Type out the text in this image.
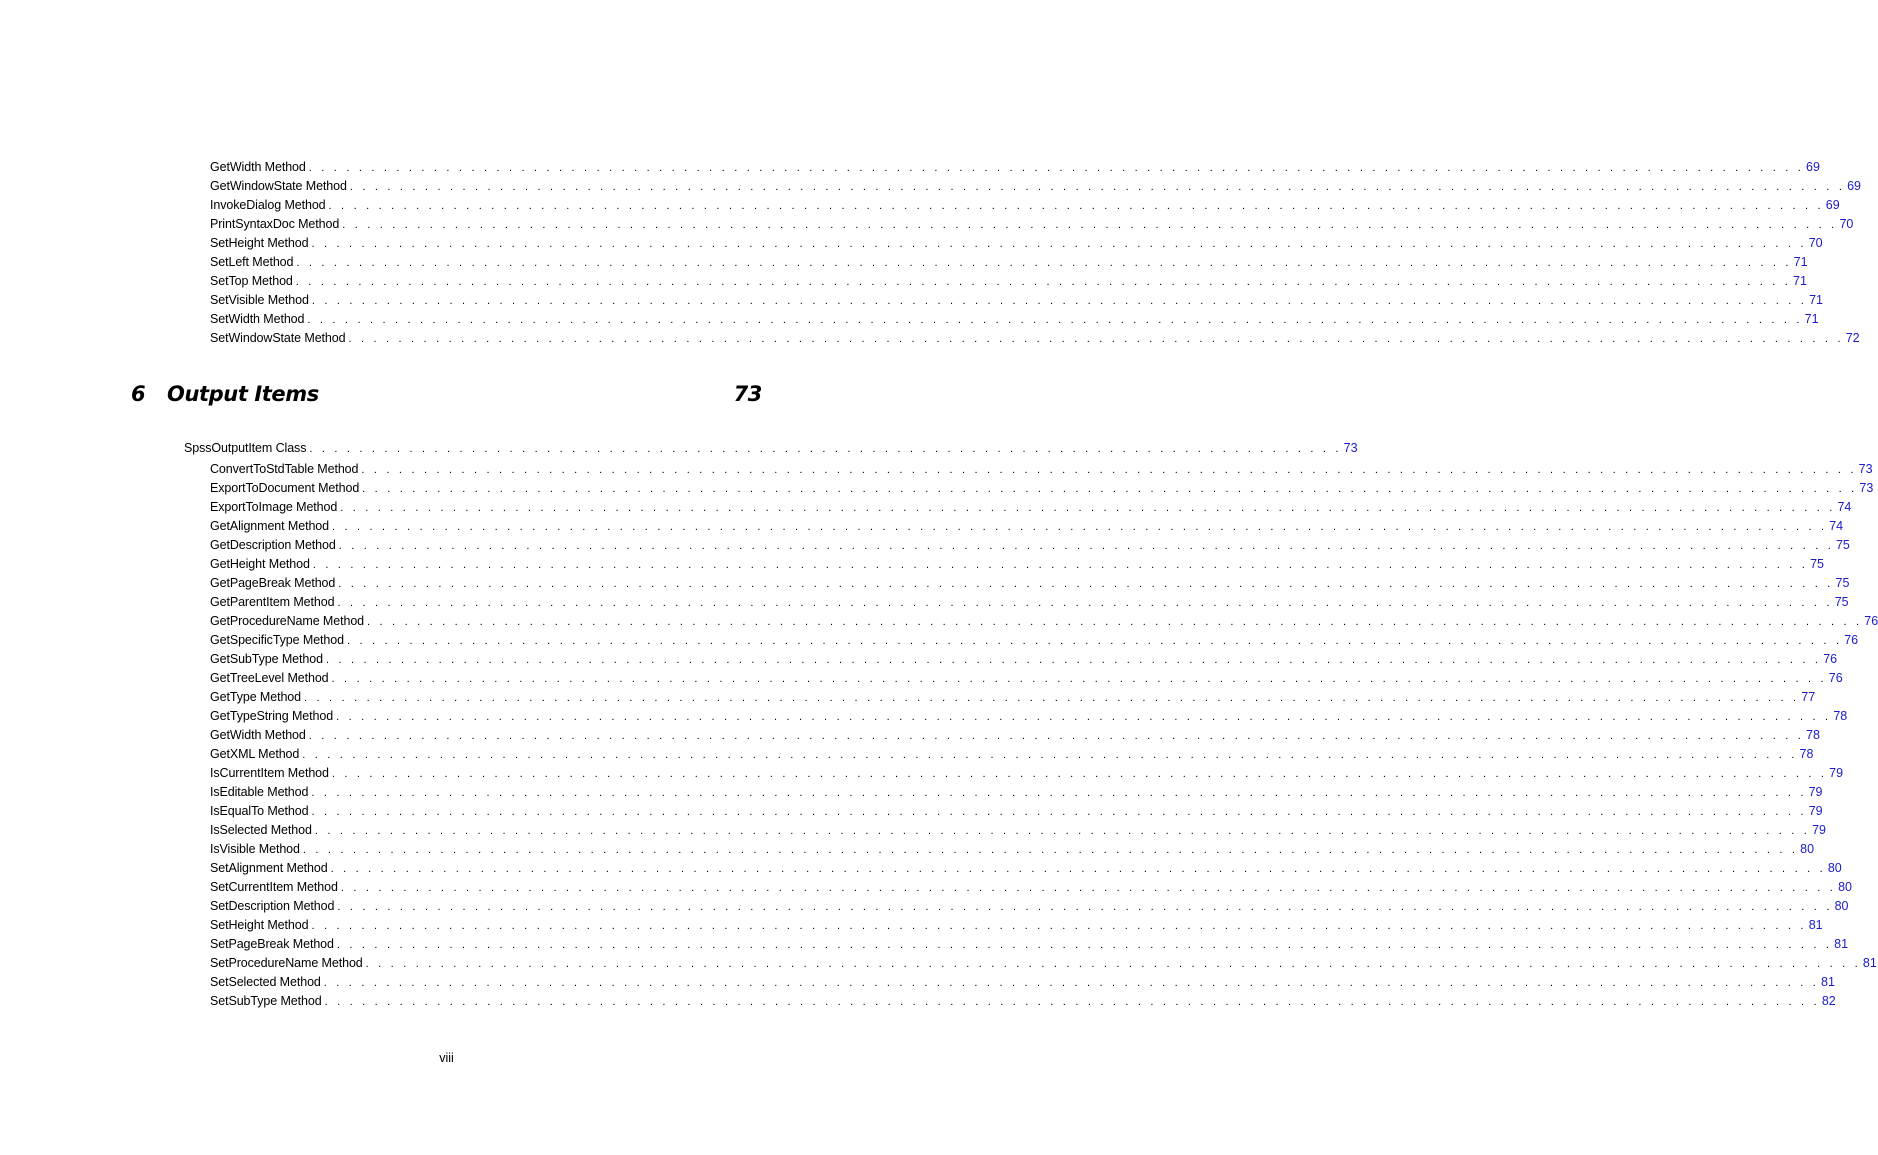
GetWidth Method . . . . . . . . . . . . . . . . . . . . . . . . . . . . . . . . . . . . . . . . . . . . . . . . . . . . . . . . . . . . . . . . . . . . . . . . . . . . . . . . . . . . . . . . . . . . . . . . . . . . . . . . . . . . . . . . . . . . . . . . 69
GetWindowState Method . . . . . . . . . . . . . . . . . . . . . . . . . . . . . . . . . . . . . . . . . . . . . . . . . . . . . . . . . . . . . . . . . . . . . . . . . . . . . . . . . . . . . . . . . . . . . . . . . . . . . . . . . . . . . . . . . . . . . . . . 69
InvokeDialog Method . . . . . . . . . . . . . . . . . . . . . . . . . . . . . . . . . . . . . . . . . . . . . . . . . . . . . . . . . . . . . . . . . . . . . . . . . . . . . . . . . . . . . . . . . . . . . . . . . . . . . . . . . . . . . . . . . . . . . . . . 69
PrintSyntaxDoc Method . . . . . . . . . . . . . . . . . . . . . . . . . . . . . . . . . . . . . . . . . . . . . . . . . . . . . . . . . . . . . . . . . . . . . . . . . . . . . . . . . . . . . . . . . . . . . . . . . . . . . . . . . . . . . . . . . . . . . . . . 70
SetHeight Method . . . . . . . . . . . . . . . . . . . . . . . . . . . . . . . . . . . . . . . . . . . . . . . . . . . . . . . . . . . . . . . . . . . . . . . . . . . . . . . . . . . . . . . . . . . . . . . . . . . . . . . . . . . . . . . . . . . . . . . . 70
SetLeft Method . . . . . . . . . . . . . . . . . . . . . . . . . . . . . . . . . . . . . . . . . . . . . . . . . . . . . . . . . . . . . . . . . . . . . . . . . . . . . . . . . . . . . . . . . . . . . . . . . . . . . . . . . . . . . . . . . . . . . . . . 71
SetTop Method . . . . . . . . . . . . . . . . . . . . . . . . . . . . . . . . . . . . . . . . . . . . . . . . . . . . . . . . . . . . . . . . . . . . . . . . . . . . . . . . . . . . . . . . . . . . . . . . . . . . . . . . . . . . . . . . . . . . . . . . 71
SetVisible Method . . . . . . . . . . . . . . . . . . . . . . . . . . . . . . . . . . . . . . . . . . . . . . . . . . . . . . . . . . . . . . . . . . . . . . . . . . . . . . . . . . . . . . . . . . . . . . . . . . . . . . . . . . . . . . . . . . . . . . . . 71
SetWidth Method . . . . . . . . . . . . . . . . . . . . . . . . . . . . . . . . . . . . . . . . . . . . . . . . . . . . . . . . . . . . . . . . . . . . . . . . . . . . . . . . . . . . . . . . . . . . . . . . . . . . . . . . . . . . . . . . . . . . . . . . 71
SetWindowState Method . . . . . . . . . . . . . . . . . . . . . . . . . . . . . . . . . . . . . . . . . . . . . . . . . . . . . . . . . . . . . . . . . . . . . . . . . . . . . . . . . . . . . . . . . . . . . . . . . . . . . . . . . . . . . . . . . . . . . . . . 72
6	Output Items	73
SpssOutputItem Class . . . . . . . . . . . . . . . . . . . . . . . . . . . . . . . . . . . . . . . . . . . . . . . . . . . . . . . . . . . . . . . . . . . . . . . . . . . . . . . . . . . 73
ConvertToStdTable Method . . . . . . . . . . . . . . . . . . . . . . . . . . . . . . . . . . . . . . . . . . . . . . . . . . . . . . . . . . . . . . . . . . . . . . . . . . . . . . . . . . . . . . . . . . . . . . . . . . . . . . . . . . . . . . . . . . . . . . . . 73
ExportToDocument Method . . . . . . . . . . . . . . . . . . . . . . . . . . . . . . . . . . . . . . . . . . . . . . . . . . . . . . . . . . . . . . . . . . . . . . . . . . . . . . . . . . . . . . . . . . . . . . . . . . . . . . . . . . . . . . . . . . . . . . . . 73
ExportToImage Method . . . . . . . . . . . . . . . . . . . . . . . . . . . . . . . . . . . . . . . . . . . . . . . . . . . . . . . . . . . . . . . . . . . . . . . . . . . . . . . . . . . . . . . . . . . . . . . . . . . . . . . . . . . . . . . . . . . . . . . . 74
GetAlignment Method . . . . . . . . . . . . . . . . . . . . . . . . . . . . . . . . . . . . . . . . . . . . . . . . . . . . . . . . . . . . . . . . . . . . . . . . . . . . . . . . . . . . . . . . . . . . . . . . . . . . . . . . . . . . . . . . . . . . . . . . 74
GetDescription Method . . . . . . . . . . . . . . . . . . . . . . . . . . . . . . . . . . . . . . . . . . . . . . . . . . . . . . . . . . . . . . . . . . . . . . . . . . . . . . . . . . . . . . . . . . . . . . . . . . . . . . . . . . . . . . . . . . . . . . . . 75
GetHeight Method . . . . . . . . . . . . . . . . . . . . . . . . . . . . . . . . . . . . . . . . . . . . . . . . . . . . . . . . . . . . . . . . . . . . . . . . . . . . . . . . . . . . . . . . . . . . . . . . . . . . . . . . . . . . . . . . . . . . . . . . 75
GetPageBreak Method . . . . . . . . . . . . . . . . . . . . . . . . . . . . . . . . . . . . . . . . . . . . . . . . . . . . . . . . . . . . . . . . . . . . . . . . . . . . . . . . . . . . . . . . . . . . . . . . . . . . . . . . . . . . . . . . . . . . . . . . 75
GetParentItem Method . . . . . . . . . . . . . . . . . . . . . . . . . . . . . . . . . . . . . . . . . . . . . . . . . . . . . . . . . . . . . . . . . . . . . . . . . . . . . . . . . . . . . . . . . . . . . . . . . . . . . . . . . . . . . . . . . . . . . . . . 75
GetProcedureName Method . . . . . . . . . . . . . . . . . . . . . . . . . . . . . . . . . . . . . . . . . . . . . . . . . . . . . . . . . . . . . . . . . . . . . . . . . . . . . . . . . . . . . . . . . . . . . . . . . . . . . . . . . . . . . . . . . . . . . . . . 76
GetSpecificType Method . . . . . . . . . . . . . . . . . . . . . . . . . . . . . . . . . . . . . . . . . . . . . . . . . . . . . . . . . . . . . . . . . . . . . . . . . . . . . . . . . . . . . . . . . . . . . . . . . . . . . . . . . . . . . . . . . . . . . . . . 76
GetSubType Method . . . . . . . . . . . . . . . . . . . . . . . . . . . . . . . . . . . . . . . . . . . . . . . . . . . . . . . . . . . . . . . . . . . . . . . . . . . . . . . . . . . . . . . . . . . . . . . . . . . . . . . . . . . . . . . . . . . . . . . . 76
GetTreeLevel Method . . . . . . . . . . . . . . . . . . . . . . . . . . . . . . . . . . . . . . . . . . . . . . . . . . . . . . . . . . . . . . . . . . . . . . . . . . . . . . . . . . . . . . . . . . . . . . . . . . . . . . . . . . . . . . . . . . . . . . . . 76
GetType Method . . . . . . . . . . . . . . . . . . . . . . . . . . . . . . . . . . . . . . . . . . . . . . . . . . . . . . . . . . . . . . . . . . . . . . . . . . . . . . . . . . . . . . . . . . . . . . . . . . . . . . . . . . . . . . . . . . . . . . . . 77
GetTypeString Method . . . . . . . . . . . . . . . . . . . . . . . . . . . . . . . . . . . . . . . . . . . . . . . . . . . . . . . . . . . . . . . . . . . . . . . . . . . . . . . . . . . . . . . . . . . . . . . . . . . . . . . . . . . . . . . . . . . . . . . . 78
GetWidth Method . . . . . . . . . . . . . . . . . . . . . . . . . . . . . . . . . . . . . . . . . . . . . . . . . . . . . . . . . . . . . . . . . . . . . . . . . . . . . . . . . . . . . . . . . . . . . . . . . . . . . . . . . . . . . . . . . . . . . . . . 78
GetXML Method . . . . . . . . . . . . . . . . . . . . . . . . . . . . . . . . . . . . . . . . . . . . . . . . . . . . . . . . . . . . . . . . . . . . . . . . . . . . . . . . . . . . . . . . . . . . . . . . . . . . . . . . . . . . . . . . . . . . . . . . 78
IsCurrentItem Method . . . . . . . . . . . . . . . . . . . . . . . . . . . . . . . . . . . . . . . . . . . . . . . . . . . . . . . . . . . . . . . . . . . . . . . . . . . . . . . . . . . . . . . . . . . . . . . . . . . . . . . . . . . . . . . . . . . . . . . . 79
IsEditable Method . . . . . . . . . . . . . . . . . . . . . . . . . . . . . . . . . . . . . . . . . . . . . . . . . . . . . . . . . . . . . . . . . . . . . . . . . . . . . . . . . . . . . . . . . . . . . . . . . . . . . . . . . . . . . . . . . . . . . . . . 79
IsEqualTo Method . . . . . . . . . . . . . . . . . . . . . . . . . . . . . . . . . . . . . . . . . . . . . . . . . . . . . . . . . . . . . . . . . . . . . . . . . . . . . . . . . . . . . . . . . . . . . . . . . . . . . . . . . . . . . . . . . . . . . . . . 79
IsSelected Method . . . . . . . . . . . . . . . . . . . . . . . . . . . . . . . . . . . . . . . . . . . . . . . . . . . . . . . . . . . . . . . . . . . . . . . . . . . . . . . . . . . . . . . . . . . . . . . . . . . . . . . . . . . . . . . . . . . . . . . . 79
IsVisible Method . . . . . . . . . . . . . . . . . . . . . . . . . . . . . . . . . . . . . . . . . . . . . . . . . . . . . . . . . . . . . . . . . . . . . . . . . . . . . . . . . . . . . . . . . . . . . . . . . . . . . . . . . . . . . . . . . . . . . . . . 80
SetAlignment Method . . . . . . . . . . . . . . . . . . . . . . . . . . . . . . . . . . . . . . . . . . . . . . . . . . . . . . . . . . . . . . . . . . . . . . . . . . . . . . . . . . . . . . . . . . . . . . . . . . . . . . . . . . . . . . . . . . . . . . . . 80
SetCurrentItem Method . . . . . . . . . . . . . . . . . . . . . . . . . . . . . . . . . . . . . . . . . . . . . . . . . . . . . . . . . . . . . . . . . . . . . . . . . . . . . . . . . . . . . . . . . . . . . . . . . . . . . . . . . . . . . . . . . . . . . . . . 80
SetDescription Method . . . . . . . . . . . . . . . . . . . . . . . . . . . . . . . . . . . . . . . . . . . . . . . . . . . . . . . . . . . . . . . . . . . . . . . . . . . . . . . . . . . . . . . . . . . . . . . . . . . . . . . . . . . . . . . . . . . . . . . . 80
SetHeight Method . . . . . . . . . . . . . . . . . . . . . . . . . . . . . . . . . . . . . . . . . . . . . . . . . . . . . . . . . . . . . . . . . . . . . . . . . . . . . . . . . . . . . . . . . . . . . . . . . . . . . . . . . . . . . . . . . . . . . . . . 81
SetPageBreak Method . . . . . . . . . . . . . . . . . . . . . . . . . . . . . . . . . . . . . . . . . . . . . . . . . . . . . . . . . . . . . . . . . . . . . . . . . . . . . . . . . . . . . . . . . . . . . . . . . . . . . . . . . . . . . . . . . . . . . . . . 81
SetProcedureName Method . . . . . . . . . . . . . . . . . . . . . . . . . . . . . . . . . . . . . . . . . . . . . . . . . . . . . . . . . . . . . . . . . . . . . . . . . . . . . . . . . . . . . . . . . . . . . . . . . . . . . . . . . . . . . . . . . . . . . . . . 81
SetSelected Method . . . . . . . . . . . . . . . . . . . . . . . . . . . . . . . . . . . . . . . . . . . . . . . . . . . . . . . . . . . . . . . . . . . . . . . . . . . . . . . . . . . . . . . . . . . . . . . . . . . . . . . . . . . . . . . . . . . . . . . . 81
SetSubType Method . . . . . . . . . . . . . . . . . . . . . . . . . . . . . . . . . . . . . . . . . . . . . . . . . . . . . . . . . . . . . . . . . . . . . . . . . . . . . . . . . . . . . . . . . . . . . . . . . . . . . . . . . . . . . . . . . . . . . . . . 82
viii
